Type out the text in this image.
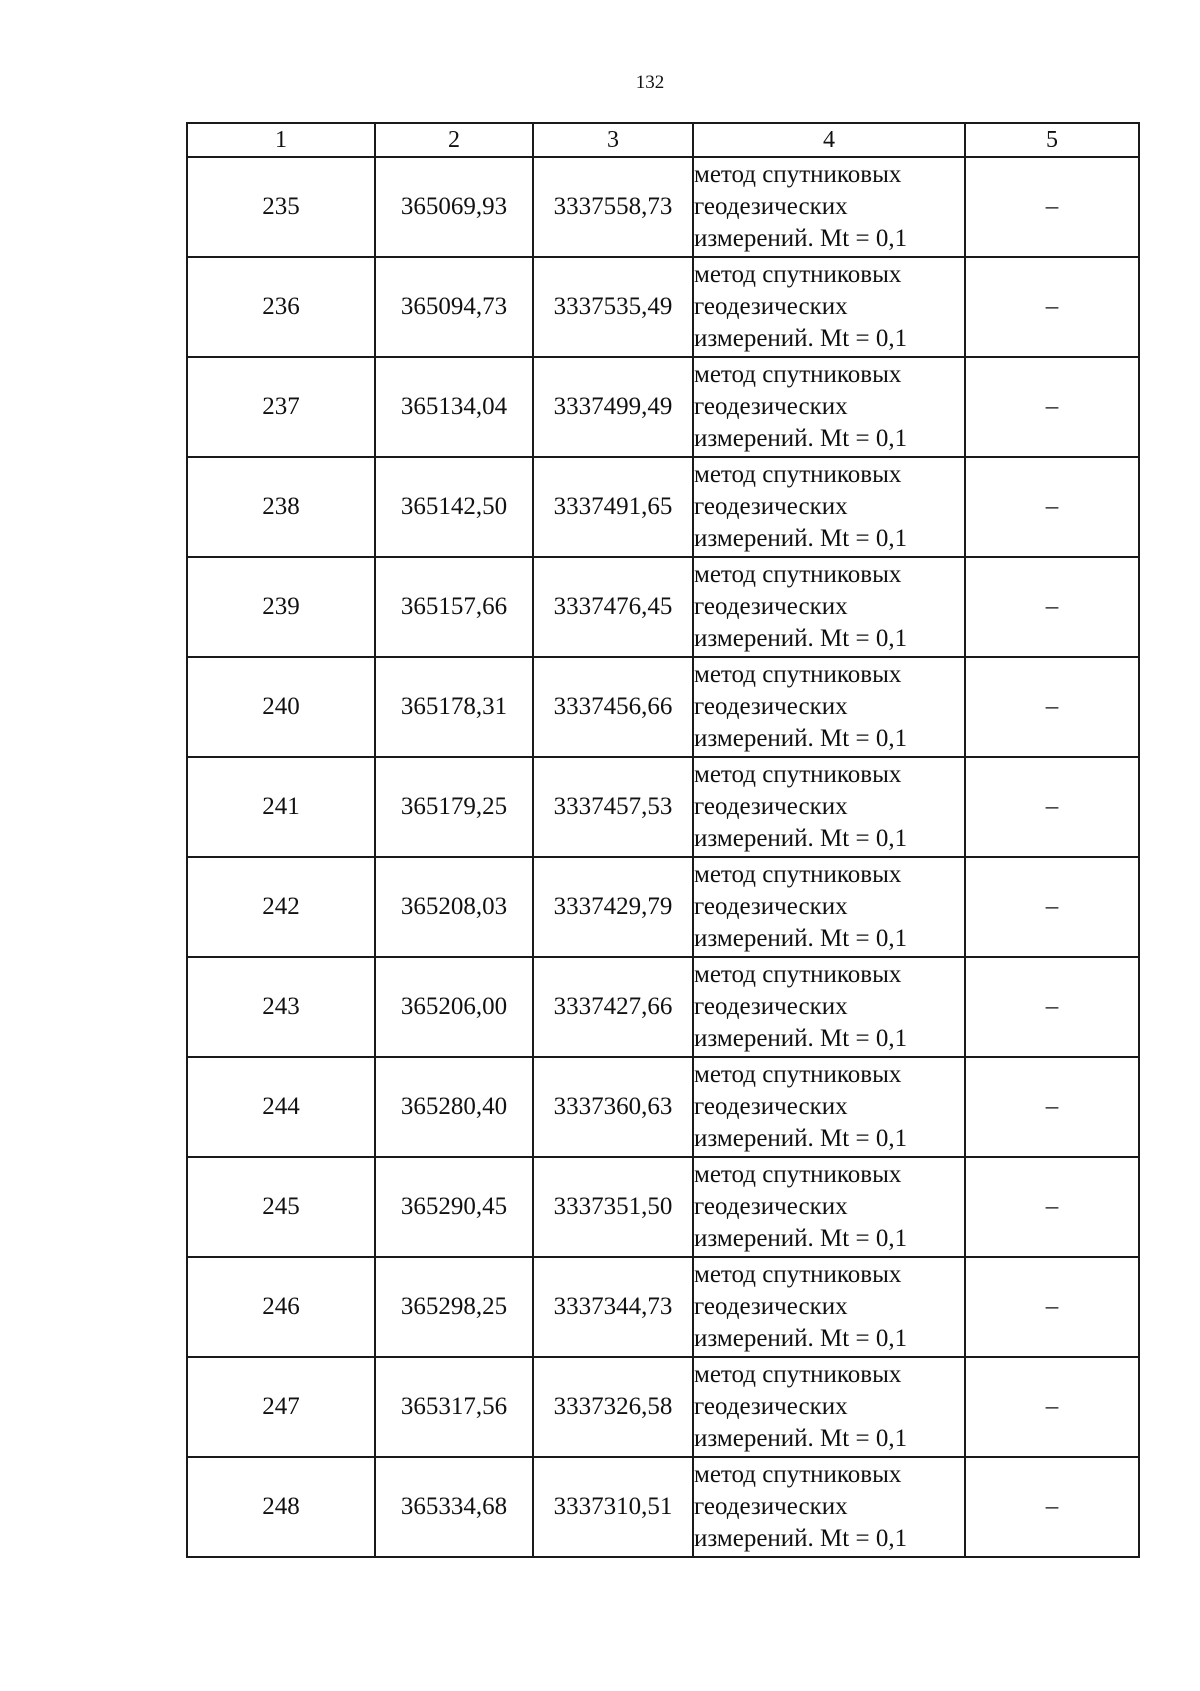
132
1	2	3	4	5
235	365069,93	3337558,73	метод спутниковых
геодезических
измерений. Mt = 0,1	–
236	365094,73	3337535,49	метод спутниковых
геодезических
измерений. Mt = 0,1	–
237	365134,04	3337499,49	метод спутниковых
геодезических
измерений. Mt = 0,1	–
238	365142,50	3337491,65	метод спутниковых
геодезических
измерений. Mt = 0,1	–
239	365157,66	3337476,45	метод спутниковых
геодезических
измерений. Mt = 0,1	–
240	365178,31	3337456,66	метод спутниковых
геодезических
измерений. Mt = 0,1	–
241	365179,25	3337457,53	метод спутниковых
геодезических
измерений. Mt = 0,1	–
242	365208,03	3337429,79	метод спутниковых
геодезических
измерений. Mt = 0,1	–
243	365206,00	3337427,66	метод спутниковых
геодезических
измерений. Mt = 0,1	–
244	365280,40	3337360,63	метод спутниковых
геодезических
измерений. Mt = 0,1	–
245	365290,45	3337351,50	метод спутниковых
геодезических
измерений. Mt = 0,1	–
246	365298,25	3337344,73	метод спутниковых
геодезических
измерений. Mt = 0,1	–
247	365317,56	3337326,58	метод спутниковых
геодезических
измерений. Mt = 0,1	–
248	365334,68	3337310,51	метод спутниковых
геодезических
измерений. Mt = 0,1	–
